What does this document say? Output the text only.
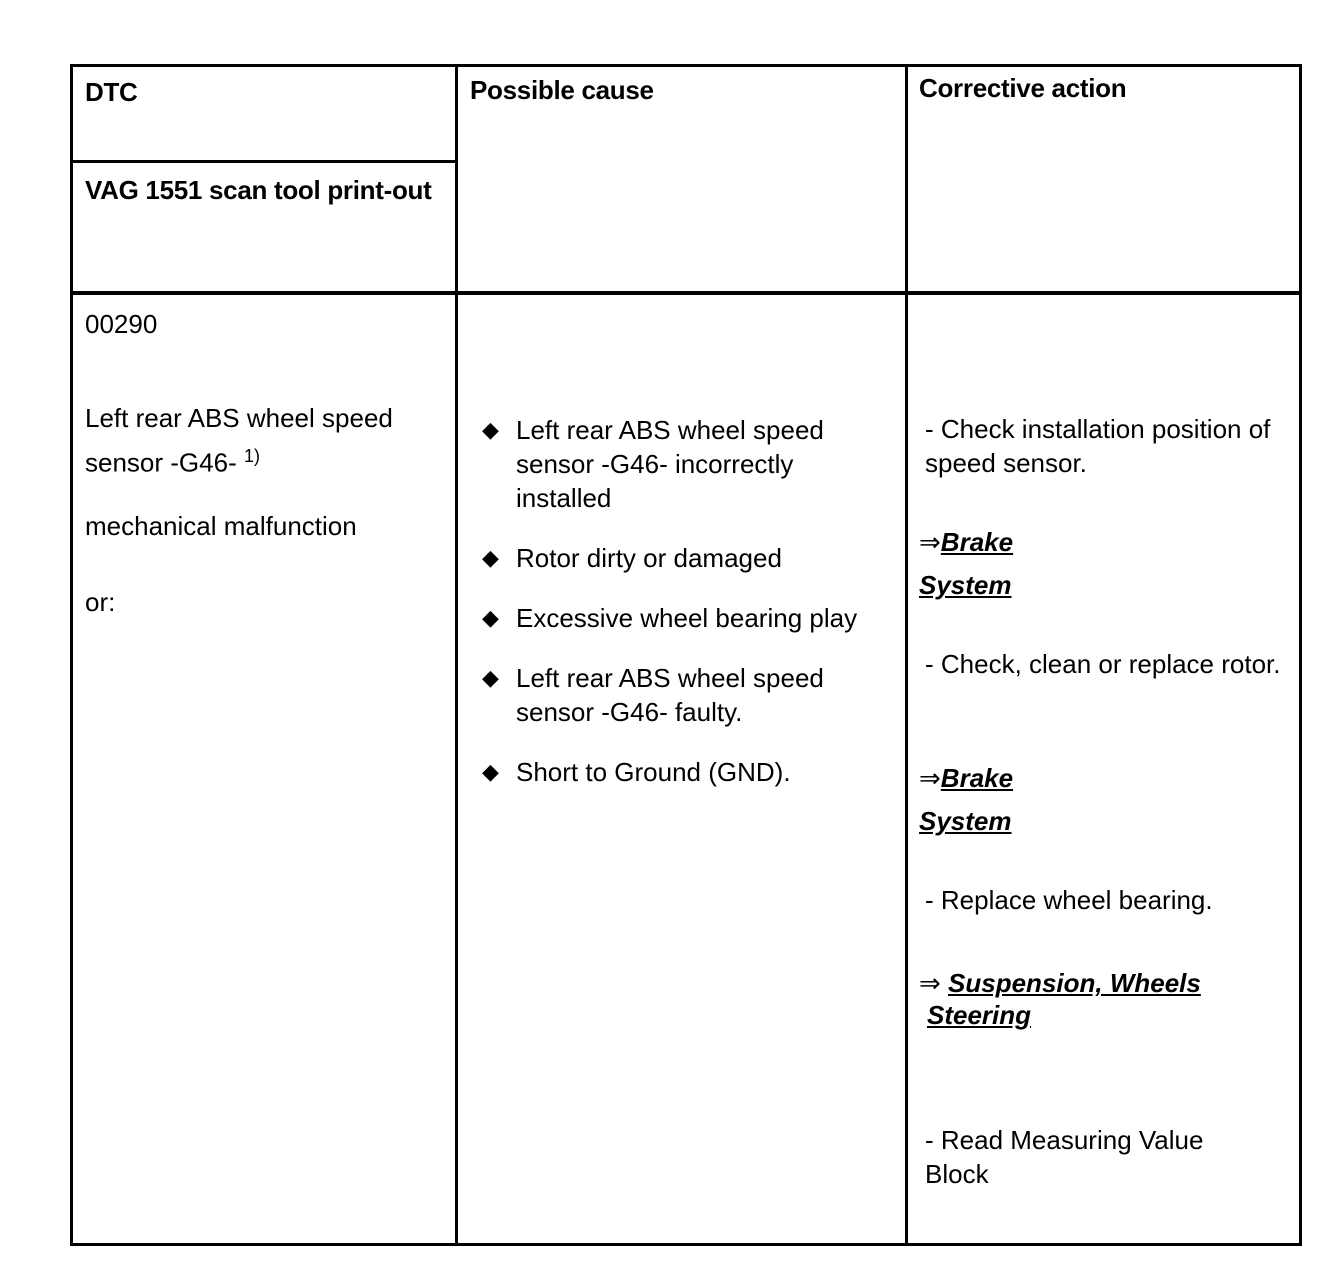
DTC
VAG 1551 scan tool print-out
Possible cause	Corrective action
00290
Left rear ABS wheel speed sensor -G46- $^{1)}$
mechanical malfunction
or:
◆ Left rear ABS wheel speed sensor -G46- incorrectly installed
◆ Rotor dirty or damaged
◆ Excessive wheel bearing play
◆ Left rear ABS wheel speed sensor -G46- faulty.
◆ Short to Ground (GND).
- Check installation position of speed sensor.
⇒Brake
System
- Check, clean or replace rotor.
⇒Brake
System
- Replace wheel bearing.
⇒ Suspension, Wheels
Steering
- Read Measuring Value Block
